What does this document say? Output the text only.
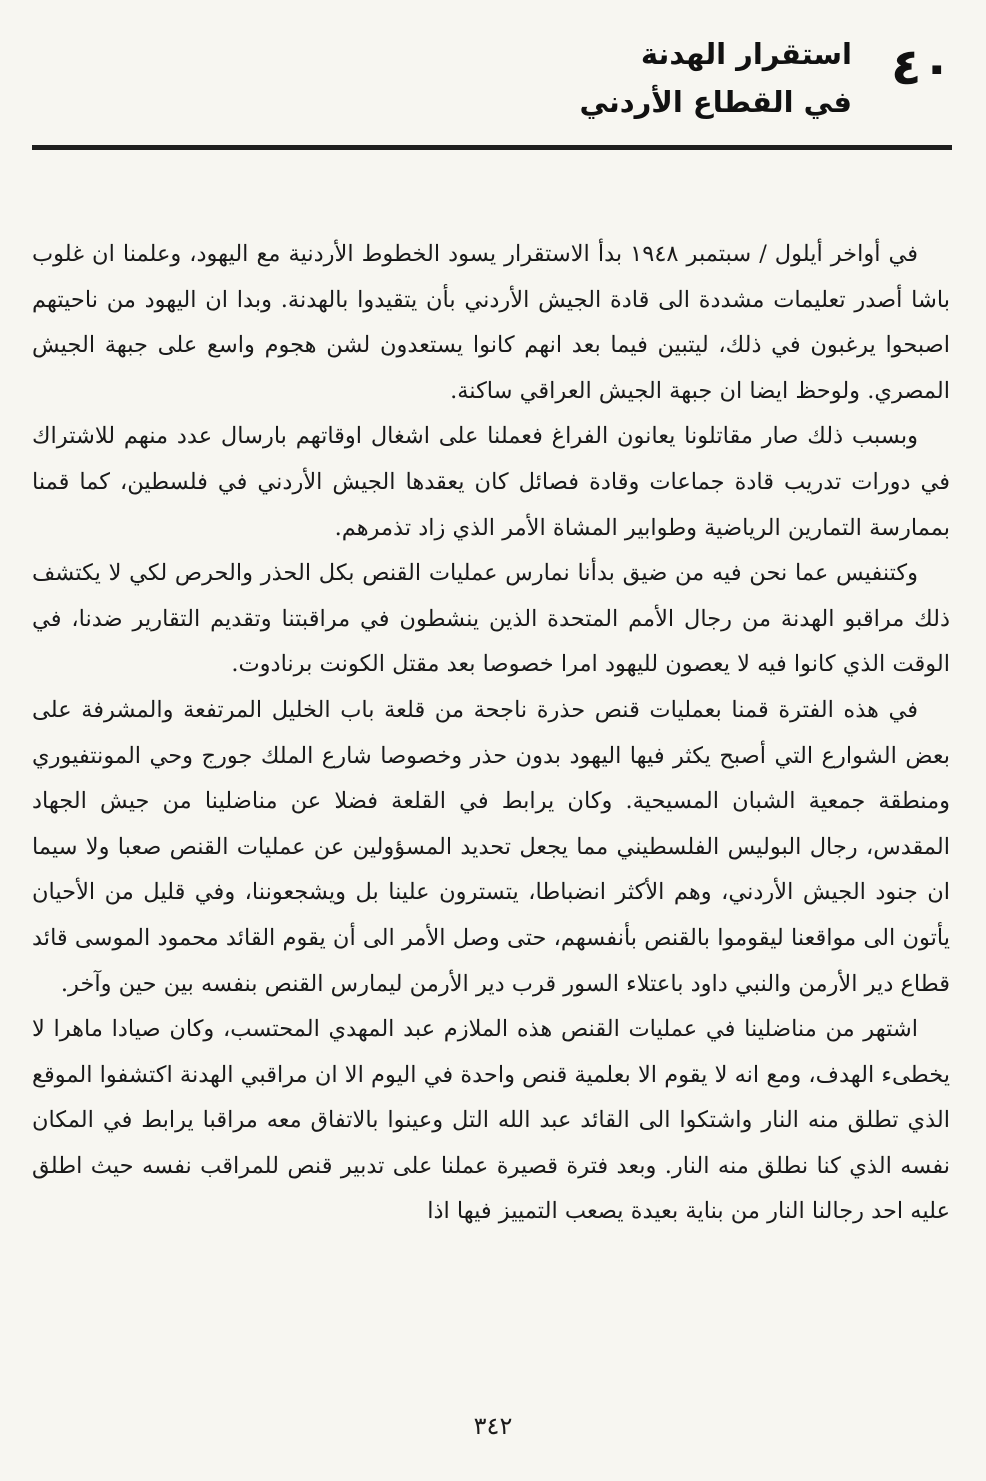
٤٠
استقرار الهدنة
في القطاع الأردني

في أواخر أيلول / سبتمبر ١٩٤٨ بدأ الاستقرار يسود الخطوط الأردنية مع اليهود، وعلمنا ان غلوب باشا أصدر تعليمات مشددة الى قادة الجيش الأردني بأن يتقيدوا بالهدنة. وبدا ان اليهود من ناحيتهم اصبحوا يرغبون في ذلك، ليتبين فيما بعد انهم كانوا يستعدون لشن هجوم واسع على جبهة الجيش المصري. ولوحظ ايضا ان جبهة الجيش العراقي ساكنة.

وبسبب ذلك صار مقاتلونا يعانون الفراغ فعملنا على اشغال اوقاتهم بارسال عدد منهم للاشتراك في دورات تدريب قادة جماعات وقادة فصائل كان يعقدها الجيش الأردني في فلسطين، كما قمنا بممارسة التمارين الرياضية وطوابير المشاة الأمر الذي زاد تذمرهم.

وكتنفيس عما نحن فيه من ضيق بدأنا نمارس عمليات القنص بكل الحذر والحرص لكي لا يكتشف ذلك مراقبو الهدنة من رجال الأمم المتحدة الذين ينشطون في مراقبتنا وتقديم التقارير ضدنا، في الوقت الذي كانوا فيه لا يعصون لليهود امرا خصوصا بعد مقتل الكونت برنادوت.

في هذه الفترة قمنا بعمليات قنص حذرة ناجحة من قلعة باب الخليل المرتفعة والمشرفة على بعض الشوارع التي أصبح يكثر فيها اليهود بدون حذر وخصوصا شارع الملك جورج وحي المونتفيوري ومنطقة جمعية الشبان المسيحية. وكان يرابط في القلعة فضلا عن مناضلينا من جيش الجهاد المقدس، رجال البوليس الفلسطيني مما يجعل تحديد المسؤولين عن عمليات القنص صعبا ولا سيما ان جنود الجيش الأردني، وهم الأكثر انضباطا، يتسترون علينا بل ويشجعوننا، وفي قليل من الأحيان يأتون الى مواقعنا ليقوموا بالقنص بأنفسهم، حتى وصل الأمر الى أن يقوم القائد محمود الموسى قائد قطاع دير الأرمن والنبي داود باعتلاء السور قرب دير الأرمن ليمارس القنص بنفسه بين حين وآخر.

اشتهر من مناضلينا في عمليات القنص هذه الملازم عبد المهدي المحتسب، وكان صيادا ماهرا لا يخطىء الهدف، ومع انه لا يقوم الا بعلمية قنص واحدة في اليوم الا ان مراقبي الهدنة اكتشفوا الموقع الذي تطلق منه النار واشتكوا الى القائد عبد الله التل وعينوا بالاتفاق معه مراقبا يرابط في المكان نفسه الذي كنا نطلق منه النار. وبعد فترة قصيرة عملنا على تدبير قنص للمراقب نفسه حيث اطلق عليه احد رجالنا النار من بناية بعيدة يصعب التمييز فيها اذا

٣٤٢
